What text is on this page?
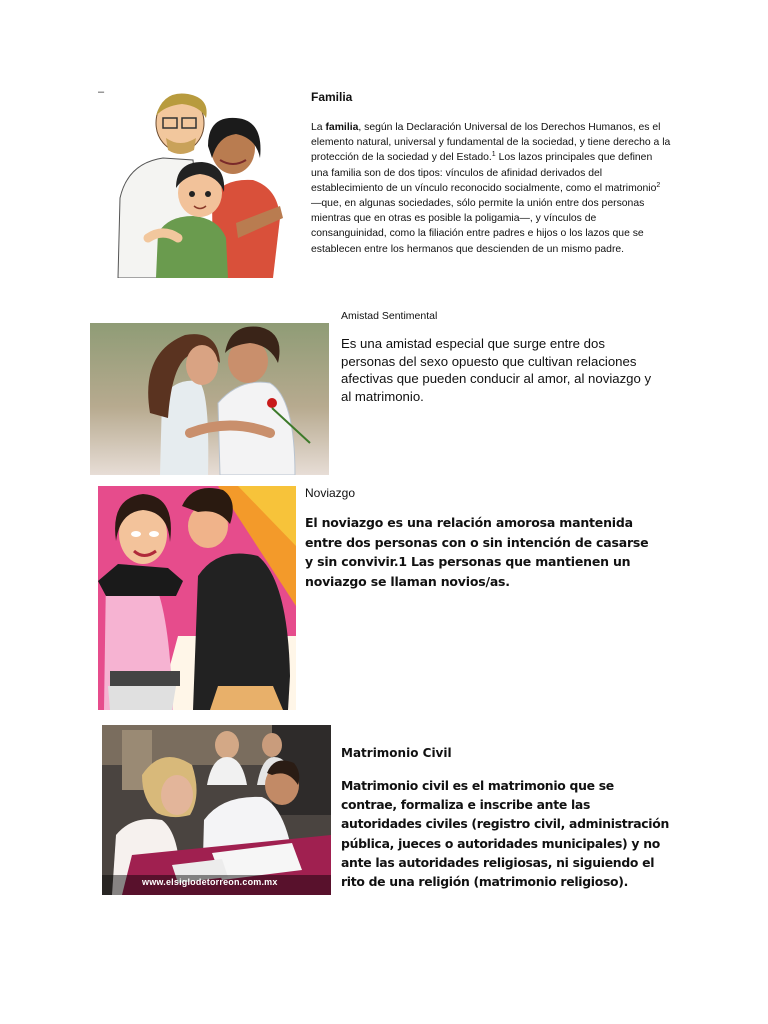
–	Familia
La familia, según la Declaración Universal de los Derechos Humanos, es el elemento natural, universal y fundamental de la sociedad, y tiene derecho a la protección de la sociedad y del Estado.$^1$ Los lazos principales que definen una familia son de dos tipos: vínculos de afinidad derivados del establecimiento de un vínculo reconocido socialmente, como el matrimonio$^2$ —que, en algunas sociedades, sólo permite la unión entre dos personas mientras que en otras es posible la poligamia—, y vínculos de consanguinidad, como la filiación entre padres e hijos o los lazos que se establecen entre los hermanos que descienden de un mismo padre.
Amistad Sentimental
Es una amistad especial que surge entre dos personas del sexo opuesto que cultivan relaciones afectivas que pueden conducir al amor, al noviazgo y al matrimonio.
Noviazgo
El noviazgo es una relación amorosa mantenida entre dos personas con o sin intención de casarse y sin convivir.1 Las personas que mantienen un noviazgo se llaman novios/as.
www.elsiglodetorreon.com.mx
Matrimonio Civil
Matrimonio civil es el matrimonio que se contrae, formaliza e inscribe ante las autoridades civiles (registro civil, administración pública, jueces o autoridades municipales) y no ante las autoridades religiosas, ni siguiendo el rito de una religión (matrimonio religioso).
